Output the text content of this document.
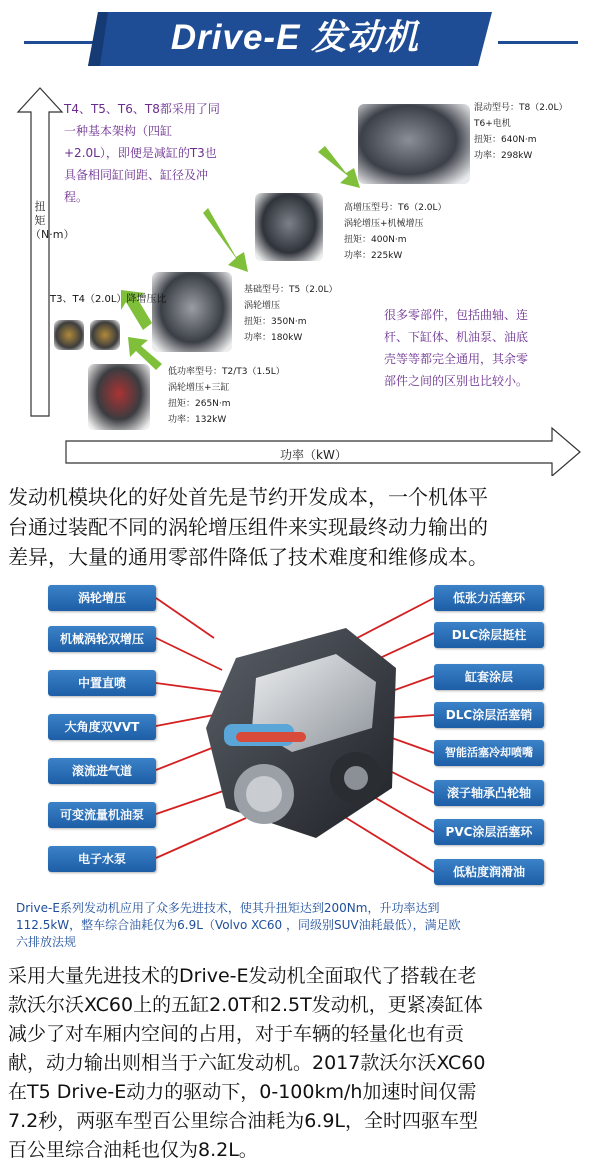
Drive-E 发动机
扭矩（N·m）
功率（kW）
T4、T5、T6、T8都采用了同
一种基本架构（四缸
+2.0L），即便是减缸的T3也
具备相同缸间距、缸径及冲
程。
T3、T4（2.0L）降增压比
混动型号：T8（2.0L）
T6+电机
扭矩：640N·m
功率：298kW
高增压型号：T6（2.0L）
涡轮增压+机械增压
扭矩：400N·m
功率：225kW
基础型号：T5（2.0L）
涡轮增压
扭矩：350N·m
功率：180kW
低功率型号：T2/T3（1.5L）
涡轮增压+三缸
扭矩：265N·m
功率：132kW
很多零部件，包括曲轴、连
杆、下缸体、机油泵、油底
壳等等都完全通用，其余零
部件之间的区别也比较小。
发动机模块化的好处首先是节约开发成本，一个机体平
台通过装配不同的涡轮增压组件来实现最终动力输出的
差异，大量的通用零部件降低了技术难度和维修成本。
涡轮增压
机械涡轮双增压
中置直喷
大角度双VVT
滚流进气道
可变流量机油泵
电子水泵
低张力活塞环
DLC涂层挺柱
缸套涂层
DLC涂层活塞销
智能活塞冷却喷嘴
滚子轴承凸轮轴
PVC涂层活塞环
低粘度润滑油
Drive-E系列发动机应用了众多先进技术，使其升扭矩达到200Nm，升功率达到
112.5kW，整车综合油耗仅为6.9L（Volvo XC60 ，同级别SUV油耗最低），满足欧
六排放法规
采用大量先进技术的Drive-E发动机全面取代了搭载在老
款沃尔沃XC60上的五缸2.0T和2.5T发动机，更紧凑缸体
减少了对车厢内空间的占用，对于车辆的轻量化也有贡
献，动力输出则相当于六缸发动机。2017款沃尔沃XC60
在T5 Drive-E动力的驱动下，0-100km/h加速时间仅需
7.2秒，两驱车型百公里综合油耗为6.9L，全时四驱车型
百公里综合油耗也仅为8.2L。
